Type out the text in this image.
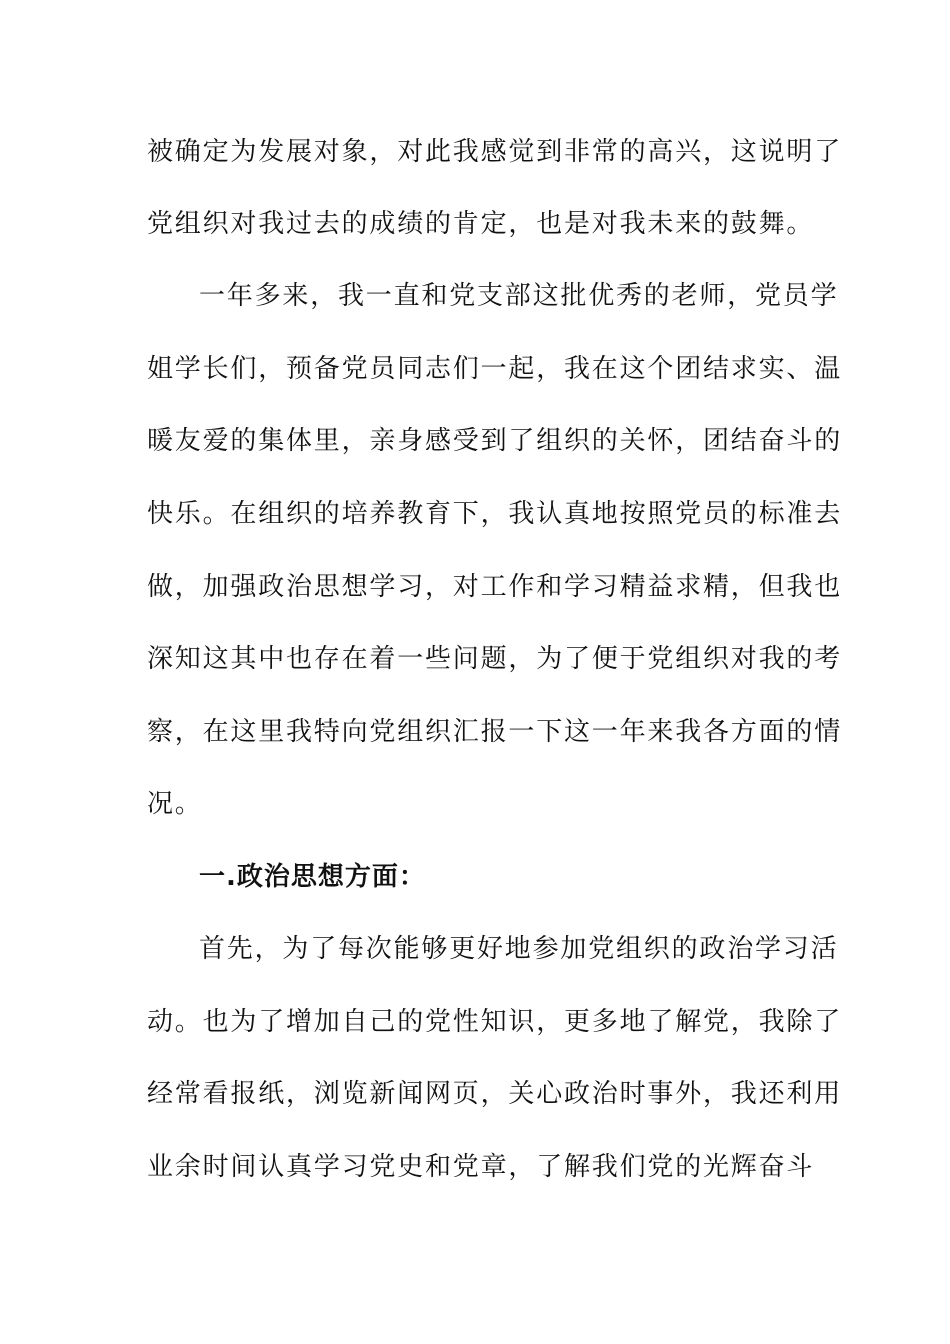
被确定为发展对象，对此我感觉到非常的高兴，这说明了
党组织对我过去的成绩的肯定，也是对我未来的鼓舞。
一年多来，我一直和党支部这批优秀的老师，党员学
姐学长们，预备党员同志们一起，我在这个团结求实、温
暖友爱的集体里，亲身感受到了组织的关怀，团结奋斗的
快乐。在组织的培养教育下，我认真地按照党员的标准去
做，加强政治思想学习，对工作和学习精益求精，但我也
深知这其中也存在着一些问题，为了便于党组织对我的考
察，在这里我特向党组织汇报一下这一年来我各方面的情
况。
一.政治思想方面：
首先，为了每次能够更好地参加党组织的政治学习活
动。也为了增加自己的党性知识，更多地了解党，我除了
经常看报纸，浏览新闻网页，关心政治时事外，我还利用
业余时间认真学习党史和党章，了解我们党的光辉奋斗
